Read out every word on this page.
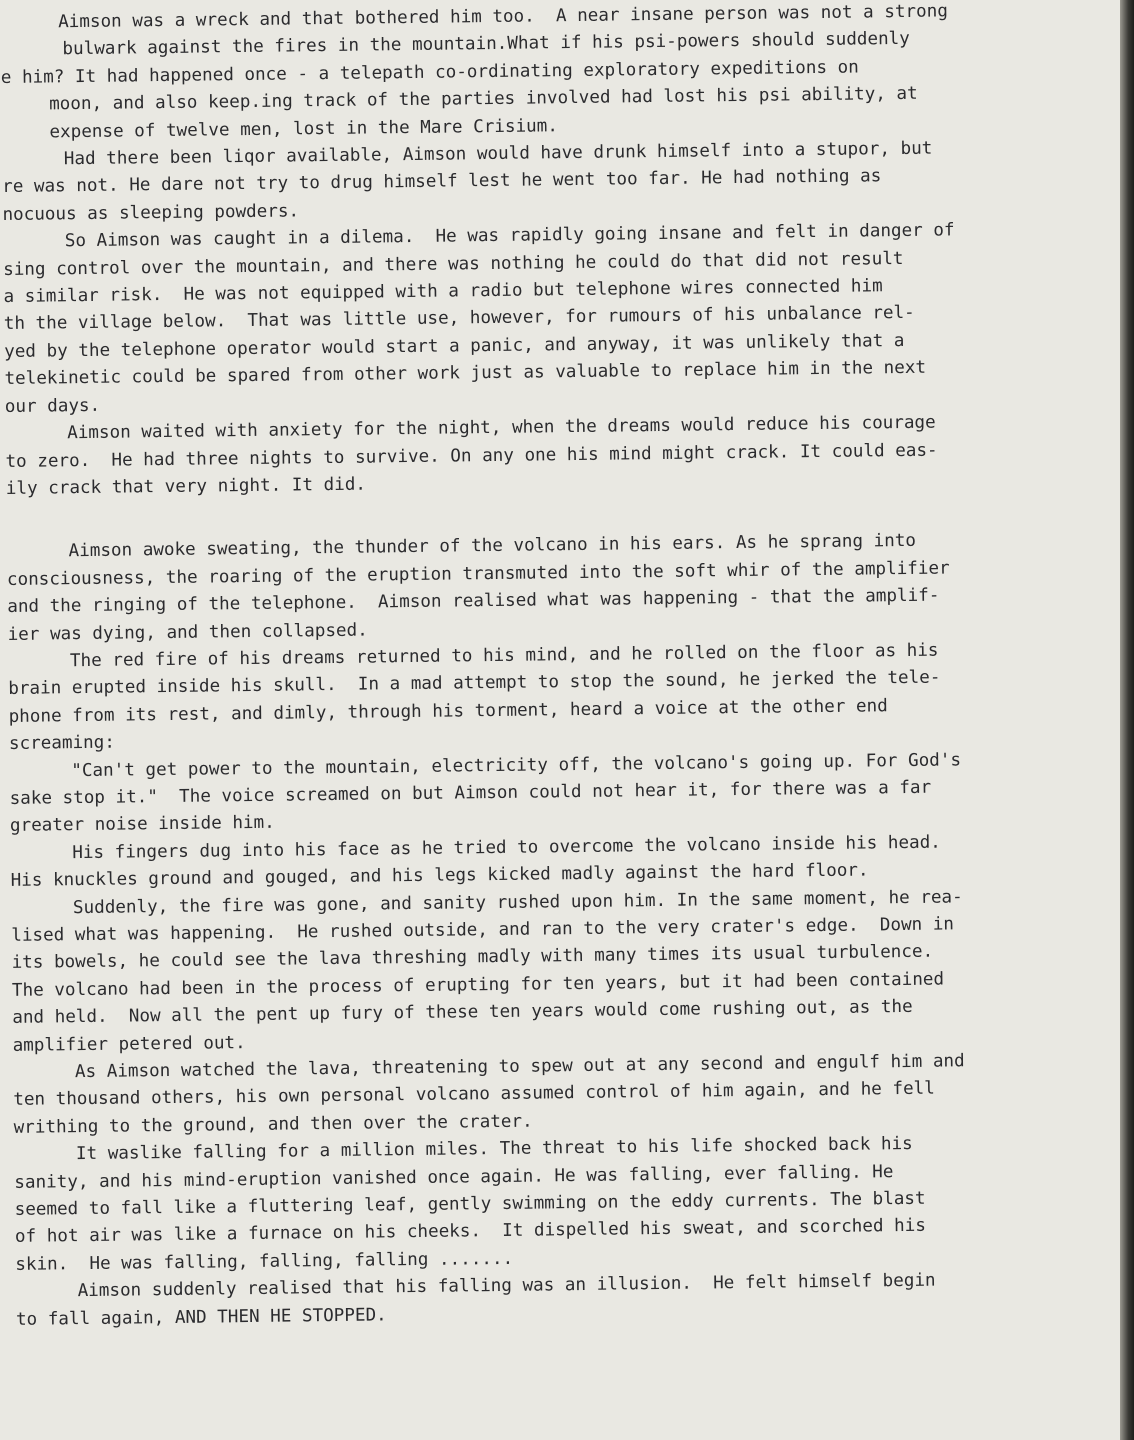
Aimson was a wreck and that bothered him too.  A near insane person was not a strong
bulwark against the fires in the mountain.What if his psi-powers should suddenly
e him? It had happened once - a telepath co-ordinating exploratory expeditions on
moon, and also keep.ing track of the parties involved had lost his psi ability, at
expense of twelve men, lost in the Mare Crisium.
Had there been liqor available, Aimson would have drunk himself into a stupor, but
re was not. He dare not try to drug himself lest he went too far. He had nothing as
nocuous as sleeping powders.
So Aimson was caught in a dilema.  He was rapidly going insane and felt in danger of
sing control over the mountain, and there was nothing he could do that did not result
a similar risk.  He was not equipped with a radio but telephone wires connected him
th the village below.  That was little use, however, for rumours of his unbalance rel-
yed by the telephone operator would start a panic, and anyway, it was unlikely that a
telekinetic could be spared from other work just as valuable to replace him in the next
our days.
Aimson waited with anxiety for the night, when the dreams would reduce his courage
to zero.  He had three nights to survive. On any one his mind might crack. It could eas-
ily crack that very night. It did.
Aimson awoke sweating, the thunder of the volcano in his ears. As he sprang into
consciousness, the roaring of the eruption transmuted into the soft whir of the amplifier
and the ringing of the telephone.  Aimson realised what was happening - that the amplif-
ier was dying, and then collapsed.
The red fire of his dreams returned to his mind, and he rolled on the floor as his
brain erupted inside his skull.  In a mad attempt to stop the sound, he jerked the tele-
phone from its rest, and dimly, through his torment, heard a voice at the other end
screaming:
"Can't get power to the mountain, electricity off, the volcano's going up. For God's
sake stop it."  The voice screamed on but Aimson could not hear it, for there was a far
greater noise inside him.
His fingers dug into his face as he tried to overcome the volcano inside his head.
His knuckles ground and gouged, and his legs kicked madly against the hard floor.
Suddenly, the fire was gone, and sanity rushed upon him. In the same moment, he rea-
lised what was happening.  He rushed outside, and ran to the very crater's edge.  Down in
its bowels, he could see the lava threshing madly with many times its usual turbulence.
The volcano had been in the process of erupting for ten years, but it had been contained
and held.  Now all the pent up fury of these ten years would come rushing out, as the
amplifier petered out.
As Aimson watched the lava, threatening to spew out at any second and engulf him and
ten thousand others, his own personal volcano assumed control of him again, and he fell
writhing to the ground, and then over the crater.
It waslike falling for a million miles. The threat to his life shocked back his
sanity, and his mind-eruption vanished once again. He was falling, ever falling. He
seemed to fall like a fluttering leaf, gently swimming on the eddy currents. The blast
of hot air was like a furnace on his cheeks.  It dispelled his sweat, and scorched his
skin.  He was falling, falling, falling .......
Aimson suddenly realised that his falling was an illusion.  He felt himself begin
to fall again, AND THEN HE STOPPED.
